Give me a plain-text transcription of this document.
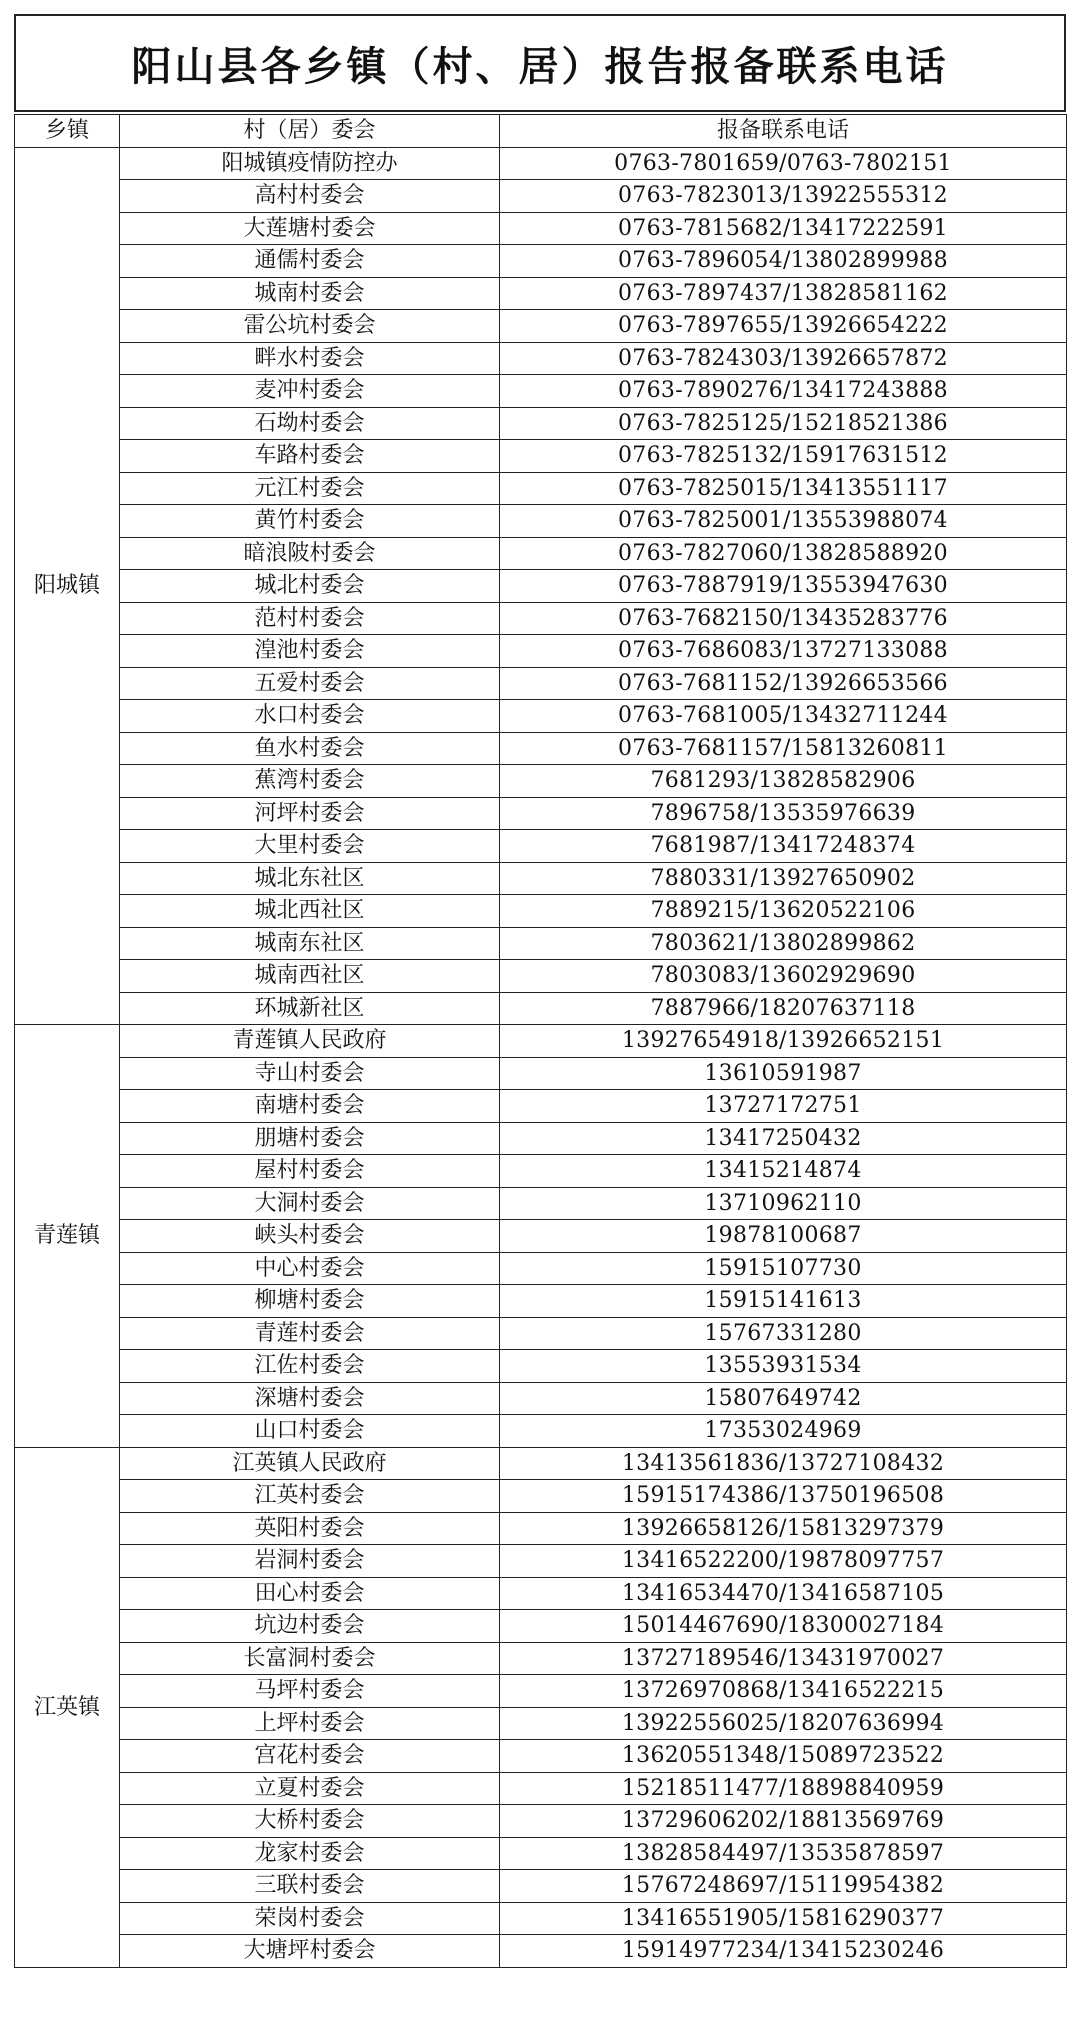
阳山县各乡镇（村、居）报告报备联系电话
乡镇	村（居）委会	报备联系电话
阳城镇	阳城镇疫情防控办	0763-7801659/0763-7802151
	高村村委会	0763-7823013/13922555312
	大莲塘村委会	0763-7815682/13417222591
	通儒村委会	0763-7896054/13802899988
	城南村委会	0763-7897437/13828581162
	雷公坑村委会	0763-7897655/13926654222
	畔水村委会	0763-7824303/13926657872
	麦冲村委会	0763-7890276/13417243888
	石坳村委会	0763-7825125/15218521386
	车路村委会	0763-7825132/15917631512
	元江村委会	0763-7825015/13413551117
	黄竹村委会	0763-7825001/13553988074
	暗浪陂村委会	0763-7827060/13828588920
	城北村委会	0763-7887919/13553947630
	范村村委会	0763-7682150/13435283776
	湟池村委会	0763-7686083/13727133088
	五爱村委会	0763-7681152/13926653566
	水口村委会	0763-7681005/13432711244
	鱼水村委会	0763-7681157/15813260811
	蕉湾村委会	7681293/13828582906
	河坪村委会	7896758/13535976639
	大里村委会	7681987/13417248374
	城北东社区	7880331/13927650902
	城北西社区	7889215/13620522106
	城南东社区	7803621/13802899862
	城南西社区	7803083/13602929690
	环城新社区	7887966/18207637118
青莲镇	青莲镇人民政府	13927654918/13926652151
	寺山村委会	13610591987
	南塘村委会	13727172751
	朋塘村委会	13417250432
	屋村村委会	13415214874
	大洞村委会	13710962110
	峡头村委会	19878100687
	中心村委会	15915107730
	柳塘村委会	15915141613
	青莲村委会	15767331280
	江佐村委会	13553931534
	深塘村委会	15807649742
	山口村委会	17353024969
江英镇	江英镇人民政府	13413561836/13727108432
	江英村委会	15915174386/13750196508
	英阳村委会	13926658126/15813297379
	岩洞村委会	13416522200/19878097757
	田心村委会	13416534470/13416587105
	坑边村委会	15014467690/18300027184
	长富洞村委会	13727189546/13431970027
	马坪村委会	13726970868/13416522215
	上坪村委会	13922556025/18207636994
	宫花村委会	13620551348/15089723522
	立夏村委会	15218511477/18898840959
	大桥村委会	13729606202/18813569769
	龙家村委会	13828584497/13535878597
	三联村委会	15767248697/15119954382
	荣岗村委会	13416551905/15816290377
	大塘坪村委会	15914977234/13415230246
